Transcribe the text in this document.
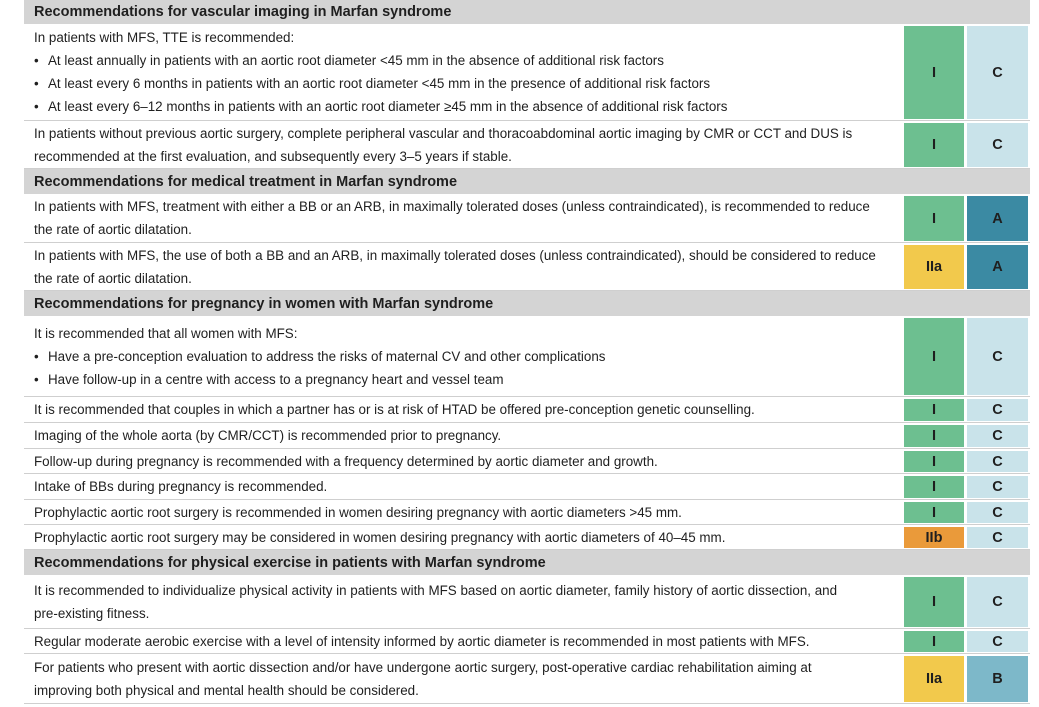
Recommendations for vascular imaging in Marfan syndrome
In patients with MFS, TTE is recommended:
• At least annually in patients with an aortic root diameter <45 mm in the absence of additional risk factors
• At least every 6 months in patients with an aortic root diameter <45 mm in the presence of additional risk factors
• At least every 6–12 months in patients with an aortic root diameter ≥45 mm in the absence of additional risk factors
I	C
In patients without previous aortic surgery, complete peripheral vascular and thoracoabdominal aortic imaging by CMR or CCT and DUS is
recommended at the first evaluation, and subsequently every 3–5 years if stable.
I	C
Recommendations for medical treatment in Marfan syndrome
In patients with MFS, treatment with either a BB or an ARB, in maximally tolerated doses (unless contraindicated), is recommended to reduce
the rate of aortic dilatation.
I	A
In patients with MFS, the use of both a BB and an ARB, in maximally tolerated doses (unless contraindicated), should be considered to reduce
the rate of aortic dilatation.
IIa	A
Recommendations for pregnancy in women with Marfan syndrome
It is recommended that all women with MFS:
• Have a pre-conception evaluation to address the risks of maternal CV and other complications
• Have follow-up in a centre with access to a pregnancy heart and vessel team
I	C
It is recommended that couples in which a partner has or is at risk of HTAD be offered pre-conception genetic counselling.	I	C
Imaging of the whole aorta (by CMR/CCT) is recommended prior to pregnancy.	I	C
Follow-up during pregnancy is recommended with a frequency determined by aortic diameter and growth.	I	C
Intake of BBs during pregnancy is recommended.	I	C
Prophylactic aortic root surgery is recommended in women desiring pregnancy with aortic diameters >45 mm.	I	C
Prophylactic aortic root surgery may be considered in women desiring pregnancy with aortic diameters of 40–45 mm.	IIb	C
Recommendations for physical exercise in patients with Marfan syndrome
It is recommended to individualize physical activity in patients with MFS based on aortic diameter, family history of aortic dissection, and
pre-existing fitness.
I	C
Regular moderate aerobic exercise with a level of intensity informed by aortic diameter is recommended in most patients with MFS.	I	C
For patients who present with aortic dissection and/or have undergone aortic surgery, post-operative cardiac rehabilitation aiming at
improving both physical and mental health should be considered.
IIa	B
